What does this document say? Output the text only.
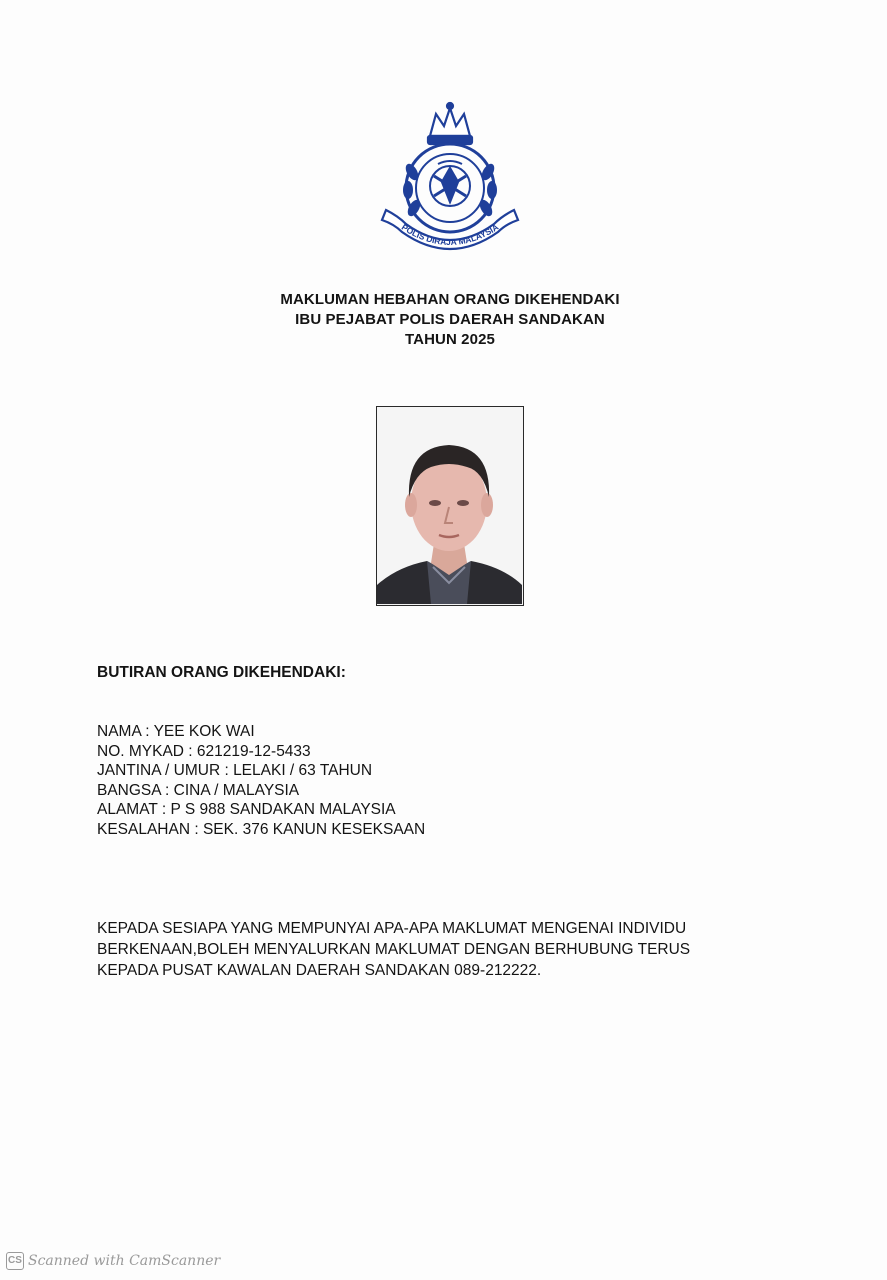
POLIS DIRAJA MALAYSIA
MAKLUMAN HEBAHAN ORANG DIKEHENDAKI
IBU PEJABAT POLIS DAERAH SANDAKAN
TAHUN 2025
BUTIRAN ORANG DIKEHENDAKI:
NAMA : YEE KOK WAI
NO. MYKAD : 621219-12-5433
JANTINA / UMUR : LELAKI / 63 TAHUN
BANGSA : CINA / MALAYSIA
ALAMAT : P S 988 SANDAKAN MALAYSIA
KESALAHAN : SEK. 376 KANUN KESEKSAAN
KEPADA SESIAPA YANG MEMPUNYAI APA-APA MAKLUMAT MENGENAI INDIVIDU
BERKENAAN,BOLEH MENYALURKAN MAKLUMAT DENGAN BERHUBUNG TERUS
KEPADA PUSAT KAWALAN DAERAH SANDAKAN 089-212222.
CS Scanned with CamScanner
